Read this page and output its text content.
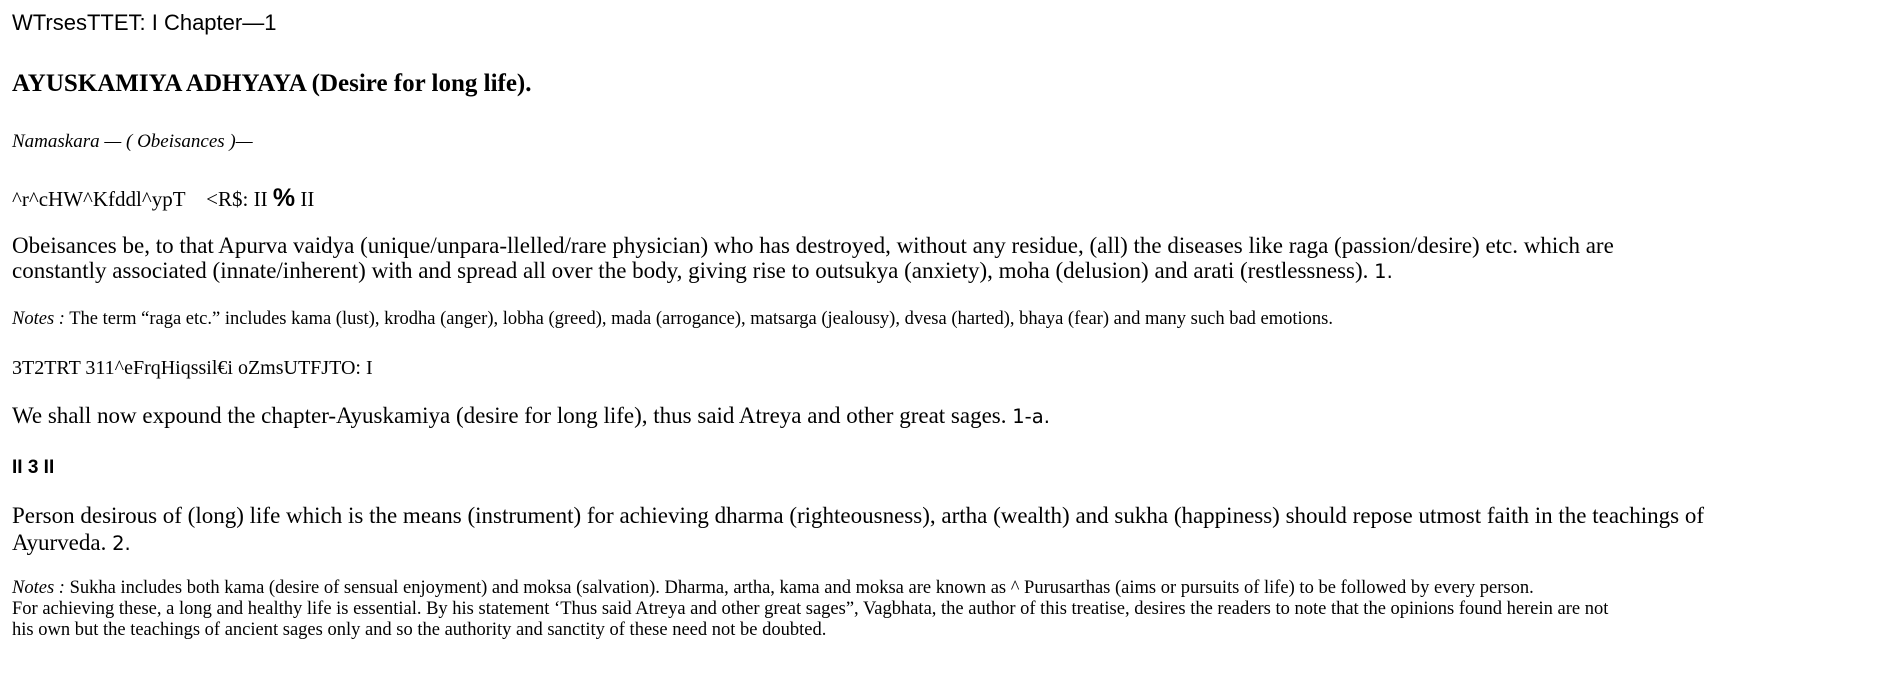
WTrsesTTET: I Chapter—1
AYUSKAMIYA ADHYAYA (Desire for long life).
Namaskara — ( Obeisances )—
^r^cHW^Kfddl^ypT    <R$: II % II
Obeisances be, to that Apurva vaidya (unique/unpara-llelled/rare physician) who has destroyed, without any residue, (all) the diseases like raga (passion/desire) etc. which are
constantly associated (innate/inherent) with and spread all over the body, giving rise to outsukya (anxiety), moha (delusion) and arati (restlessness). 1.
Notes : The term “raga etc.” includes kama (lust), krodha (anger), lobha (greed), mada (arrogance), matsarga (jealousy), dvesa (harted), bhaya (fear) and many such bad emotions.
3T2TRT 311^eFrqHiqssil€i oZmsUTFJTO: I
We shall now expound the chapter-Ayuskamiya (desire for long life), thus said Atreya and other great sages. 1-a.
II 3 II
Person desirous of (long) life which is the means (instrument) for achieving dharma (righteousness), artha (wealth) and sukha (happiness) should repose utmost faith in the teachings of
Ayurveda. 2.
Notes : Sukha includes both kama (desire of sensual enjoyment) and moksa (salvation). Dharma, artha, kama and moksa are known as ^ Purusarthas (aims or pursuits of life) to be followed by every person.
For achieving these, a long and healthy life is essential. By his statement ‘Thus said Atreya and other great sages”, Vagbhata, the author of this treatise, desires the readers to note that the opinions found herein are not
his own but the teachings of ancient sages only and so the authority and sanctity of these need not be doubted.
